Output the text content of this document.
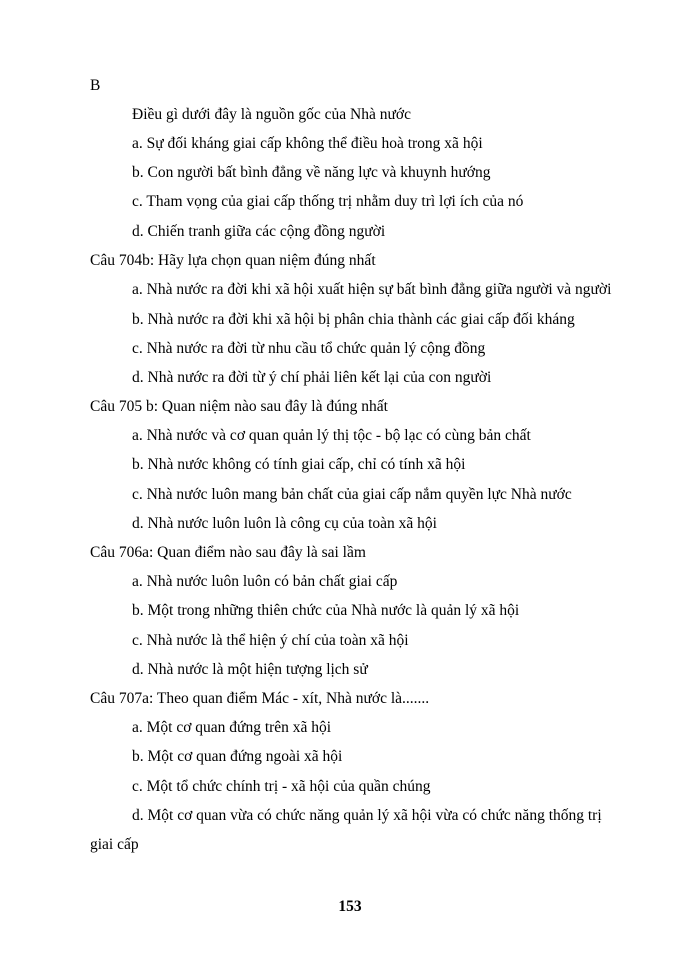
B
Điều gì dưới đây là nguồn gốc của Nhà nước
a. Sự đối kháng giai cấp không thể điều hoà trong xã hội
b. Con người bất bình đẳng về năng lực và khuynh hướng
c. Tham vọng của giai cấp thống trị nhằm duy trì lợi ích của nó
d. Chiến tranh giữa các cộng đồng người
Câu 704b: Hãy lựa chọn quan niệm đúng nhất
a. Nhà nước ra đời khi xã hội xuất hiện sự bất bình đẳng giữa người và người
b. Nhà nước ra đời khi xã hội bị phân chia thành các giai cấp đối kháng
c. Nhà nước ra đời từ nhu cầu tổ chức quản lý cộng đồng
d. Nhà nước ra đời từ ý chí phải liên kết lại của con người
Câu 705 b: Quan niệm nào sau đây là đúng nhất
a. Nhà nước và cơ quan quản lý thị tộc - bộ lạc có cùng bản chất
b. Nhà nước không có tính giai cấp, chỉ có tính xã hội
c. Nhà nước luôn mang bản chất của giai cấp nắm quyền lực Nhà nước
d. Nhà nước luôn luôn là công cụ của toàn xã hội
Câu 706a: Quan điểm nào sau đây là sai lầm
a. Nhà nước luôn luôn có bản chất giai cấp
b. Một trong những thiên chức của Nhà nước là quản lý xã hội
c. Nhà nước là thể hiện ý chí của toàn xã hội
d. Nhà nước là một hiện tượng lịch sử
Câu 707a: Theo quan điểm Mác - xít, Nhà nước là.......
a. Một cơ quan đứng trên xã hội
b. Một cơ quan đứng ngoài xã hội
c. Một tổ chức chính trị - xã hội của quần chúng
d. Một cơ quan vừa có chức năng quản lý xã hội vừa có chức năng thống trị
giai cấp
153
